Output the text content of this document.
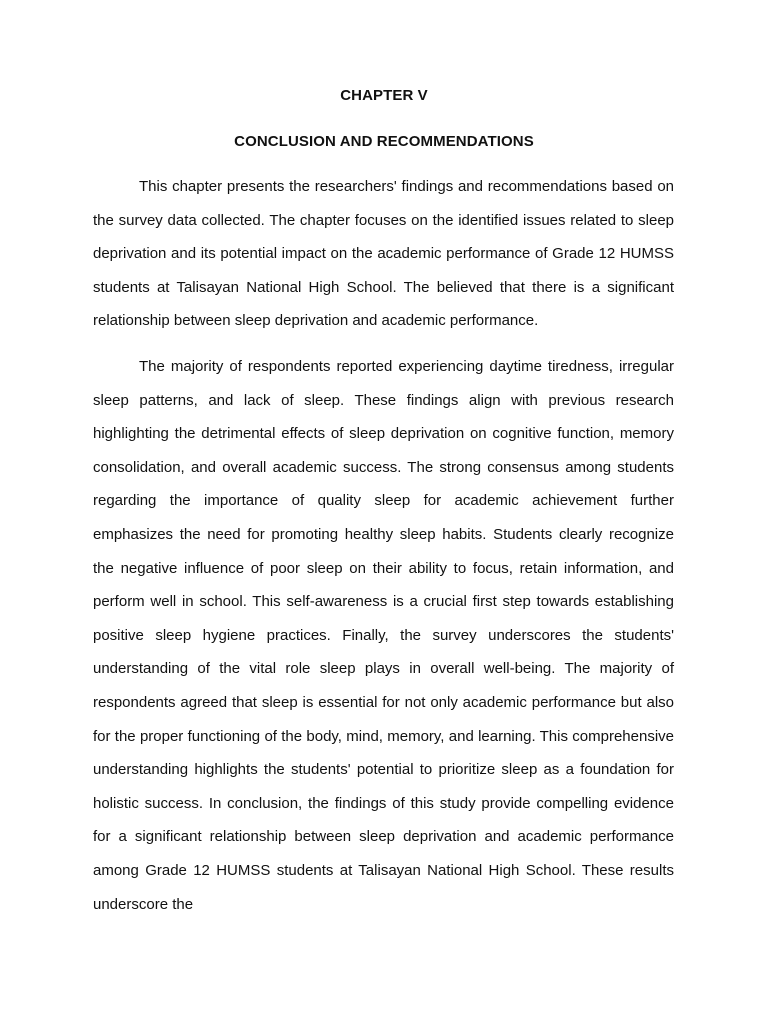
CHAPTER V
CONCLUSION AND RECOMMENDATIONS

This chapter presents the researchers' findings and recommendations based on the survey data collected. The chapter focuses on the identified issues related to sleep deprivation and its potential impact on the academic performance of Grade 12 HUMSS students at Talisayan National High School. The believed that there is a significant relationship between sleep deprivation and academic performance.

The majority of respondents reported experiencing daytime tiredness, irregular sleep patterns, and lack of sleep. These findings align with previous research highlighting the detrimental effects of sleep deprivation on cognitive function, memory consolidation, and overall academic success. The strong consensus among students regarding the importance of quality sleep for academic achievement further emphasizes the need for promoting healthy sleep habits. Students clearly recognize the negative influence of poor sleep on their ability to focus, retain information, and perform well in school. This self-awareness is a crucial first step towards establishing positive sleep hygiene practices. Finally, the survey underscores the students' understanding of the vital role sleep plays in overall well-being. The majority of respondents agreed that sleep is essential for not only academic performance but also for the proper functioning of the body, mind, memory, and learning. This comprehensive understanding highlights the students' potential to prioritize sleep as a foundation for holistic success. In conclusion, the findings of this study provide compelling evidence for a significant relationship between sleep deprivation and academic performance among Grade 12 HUMSS students at Talisayan National High School. These results underscore the
